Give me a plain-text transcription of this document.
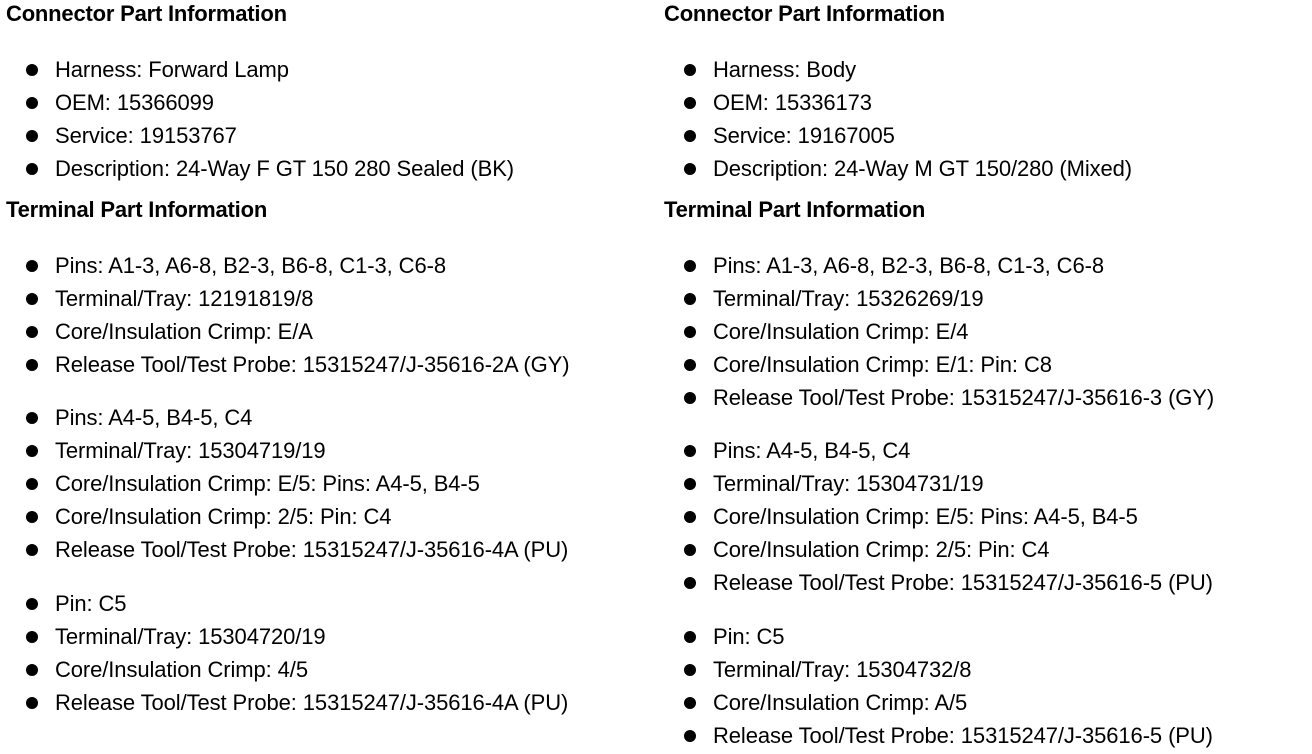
Connector Part Information
Harness: Forward Lamp
OEM: 15366099
Service: 19153767
Description: 24-Way F GT 150 280 Sealed (BK)
Terminal Part Information
Pins: A1-3, A6-8, B2-3, B6-8, C1-3, C6-8
Terminal/Tray: 12191819/8
Core/Insulation Crimp: E/A
Release Tool/Test Probe: 15315247/J-35616-2A (GY)
Pins: A4-5, B4-5, C4
Terminal/Tray: 15304719/19
Core/Insulation Crimp: E/5: Pins: A4-5, B4-5
Core/Insulation Crimp: 2/5: Pin: C4
Release Tool/Test Probe: 15315247/J-35616-4A (PU)
Pin: C5
Terminal/Tray: 15304720/19
Core/Insulation Crimp: 4/5
Release Tool/Test Probe: 15315247/J-35616-4A (PU)
Connector Part Information
Harness: Body
OEM: 15336173
Service: 19167005
Description: 24-Way M GT 150/280 (Mixed)
Terminal Part Information
Pins: A1-3, A6-8, B2-3, B6-8, C1-3, C6-8
Terminal/Tray: 15326269/19
Core/Insulation Crimp: E/4
Core/Insulation Crimp: E/1: Pin: C8
Release Tool/Test Probe: 15315247/J-35616-3 (GY)
Pins: A4-5, B4-5, C4
Terminal/Tray: 15304731/19
Core/Insulation Crimp: E/5: Pins: A4-5, B4-5
Core/Insulation Crimp: 2/5: Pin: C4
Release Tool/Test Probe: 15315247/J-35616-5 (PU)
Pin: C5
Terminal/Tray: 15304732/8
Core/Insulation Crimp: A/5
Release Tool/Test Probe: 15315247/J-35616-5 (PU)
